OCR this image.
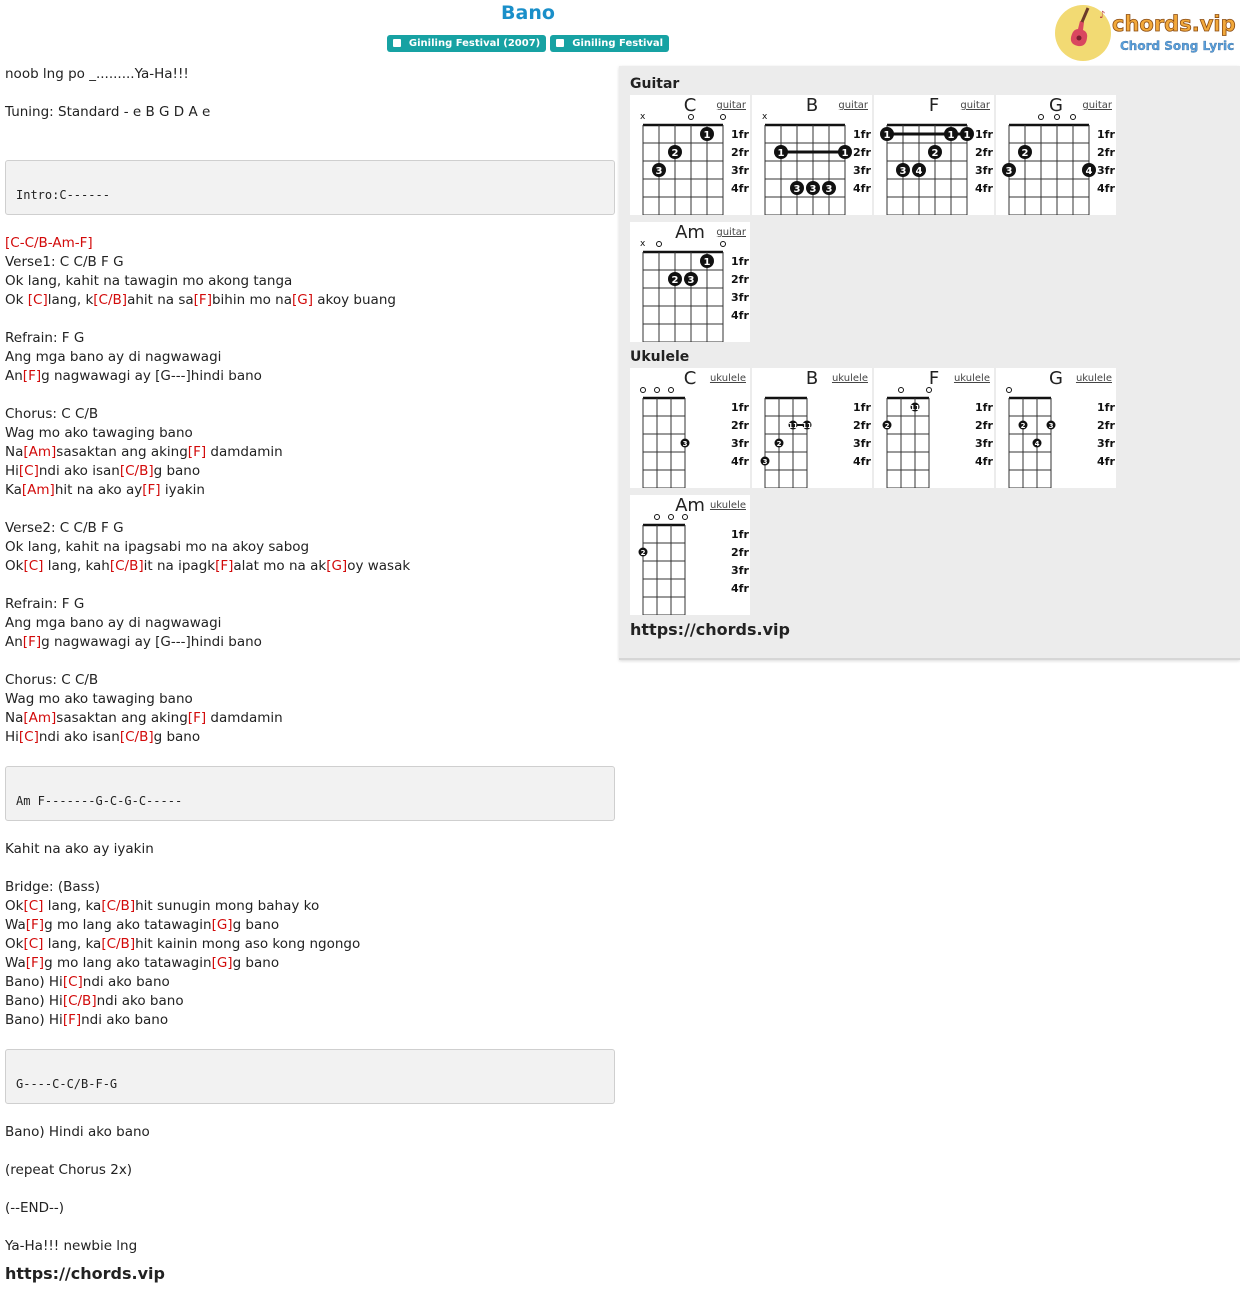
Bano
Giniling Festival (2007)	Giniling Festival
♪ chords.vip
Chord Song Lyric
noob lng po _.........Ya-Ha!!!
Tuning: Standard - e B G D A e
Intro:C------
[C-C/B-Am-F]
Verse1: C C/B F G
Ok lang, kahit na tawagin mo akong tanga
Ok [C]lang, k[C/B]ahit na sa[F]bihin mo na[G] akoy buang
Refrain: F G
Ang mga bano ay di nagwawagi
An[F]g nagwawagi ay [G---]hindi bano
Chorus: C C/B
Wag mo ako tawaging bano
Na[Am]sasaktan ang aking[F] damdamin
Hi[C]ndi ako isan[C/B]g bano
Ka[Am]hit na ako ay[F] iyakin
Verse2: C C/B F G
Ok lang, kahit na ipagsabi mo na akoy sabog
Ok[C] lang, kah[C/B]it na ipagk[F]alat mo na ak[G]oy wasak
Refrain: F G
Ang mga bano ay di nagwawagi
An[F]g nagwawagi ay [G---]hindi bano
Chorus: C C/B
Wag mo ako tawaging bano
Na[Am]sasaktan ang aking[F] damdamin
Hi[C]ndi ako isan[C/B]g bano
Am F-------G-C-G-C-----
Kahit na ako ay iyakin
Bridge: (Bass)
Ok[C] lang, ka[C/B]hit sunugin mong bahay ko
Wa[F]g mo lang ako tatawagin[G]g bano
Ok[C] lang, ka[C/B]hit kainin mong aso kong ngongo
Wa[F]g mo lang ako tatawagin[G]g bano
Bano) Hi[C]ndi ako bano
Bano) Hi[C/B]ndi ako bano
Bano) Hi[F]ndi ako bano
G----C-C/B-F-G
Bano) Hindi ako bano
(repeat Chorus 2x)
(--END--)
Ya-Ha!!! newbie lng
https://chords.vip
Guitar
1fr
2fr
3fr
4fr
x
1
2
3
C	guitar
1fr
2fr
3fr
4fr
x
1	1
3 3 3
B	guitar
1fr
2fr
3fr
4fr
1	1 1
2
3 4
F	guitar
1fr
2fr
3fr
4fr
2
3	4
G	guitar
1fr
2fr
3fr
4fr
x
1
2 3
Am	guitar
Ukulele
1fr
2fr
3fr
4fr
3
C	ukulele
1fr
2fr
3fr
4fr
11 11
2
3
B	ukulele
1fr
2fr
3fr
4fr
11
2
F	ukulele
1fr
2fr
3fr
4fr
2	3
4
G	ukulele
1fr
2fr
3fr
4fr
2
Am ukulele
https://chords.vip
